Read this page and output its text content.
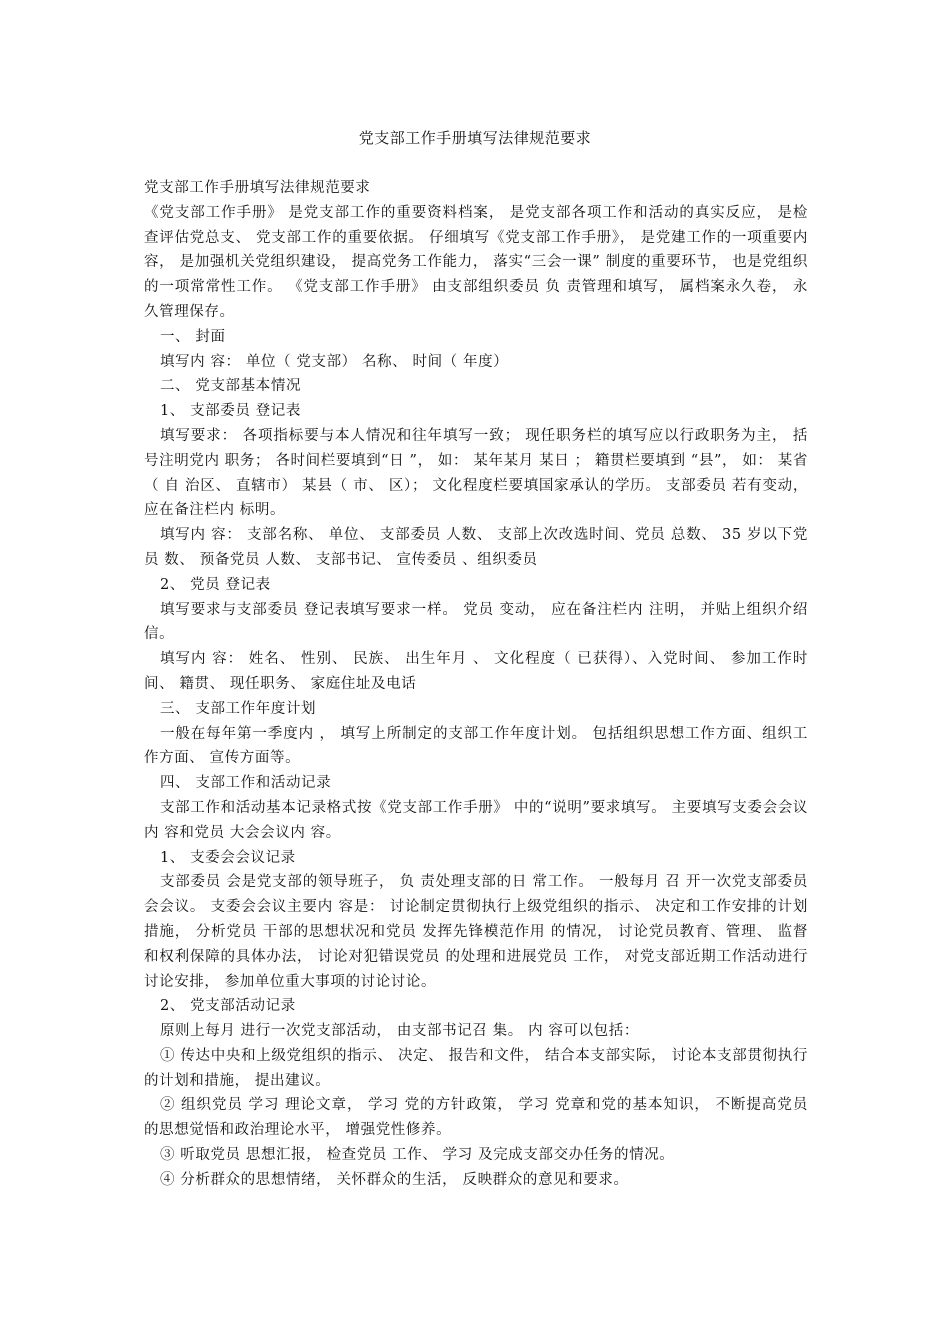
党支部工作手册填写法律规范要求

党支部工作手册填写法律规范要求

《党支部工作手册》 是党支部工作的重要资料档案， 是党支部各项工作和活动的真实反应， 是检查评估党总支、 党支部工作的重要依据。 仔细填写《党支部工作手册》， 是党建工作的一项重要内 容， 是加强机关党组织建设， 提高党务工作能力， 落实“三会一课” 制度的重要环节， 也是党组织的一项常常性工作。 《党支部工作手册》 由支部组织委员 负 责管理和填写， 属档案永久卷， 永久管理保存。

一、 封面

填写内 容： 单位（ 党支部） 名称、 时间（ 年度）

二、 党支部基本情况

1、 支部委员 登记表

填写要求： 各项指标要与本人情况和往年填写一致； 现任职务栏的填写应以行政职务为主， 括号注明党内 职务； 各时间栏要填到“日 ”， 如： 某年某月 某日 ； 籍贯栏要填到 “县”， 如： 某省（ 自 治区、 直辖市） 某县（ 市、 区）； 文化程度栏要填国家承认的学历。 支部委员 若有变动， 应在备注栏内 标明。

填写内 容： 支部名称、 单位、 支部委员 人数、 支部上次改选时间、党员 总数、 35 岁以下党员 数、 预备党员 人数、 支部书记、 宣传委员 、组织委员

2、 党员 登记表

填写要求与支部委员 登记表填写要求一样。 党员 变动， 应在备注栏内 注明， 并贴上组织介绍信。

填写内 容： 姓名、 性别、 民族、 出生年月 、 文化程度（ 已获得）、入党时间、 参加工作时间、 籍贯、 现任职务、 家庭住址及电话

三、 支部工作年度计划

一般在每年第一季度内 ， 填写上所制定的支部工作年度计划。 包括组织思想工作方面、组织工作方面、 宣传方面等。

四、 支部工作和活动记录

支部工作和活动基本记录格式按《党支部工作手册》 中的“说明”要求填写。 主要填写支委会会议内 容和党员 大会会议内 容。

1、 支委会会议记录

支部委员 会是党支部的领导班子， 负 责处理支部的日 常工作。 一般每月 召 开一次党支部委员 会会议。 支委会会议主要内 容是： 讨论制定贯彻执行上级党组织的指示、 决定和工作安排的计划措施， 分析党员 干部的思想状况和党员 发挥先锋模范作用 的情况， 讨论党员教育、管理、 监督和权利保障的具体办法， 讨论对犯错误党员 的处理和进展党员 工作， 对党支部近期工作活动进行讨论安排， 参加单位重大事项的讨论讨论。

2、 党支部活动记录

原则上每月 进行一次党支部活动， 由支部书记召 集。 内 容可以包括：

① 传达中央和上级党组织的指示、 决定、 报告和文件， 结合本支部实际， 讨论本支部贯彻执行的计划和措施， 提出建议。

② 组织党员 学习 理论文章， 学习 党的方针政策， 学习 党章和党的基本知识， 不断提高党员 的思想觉悟和政治理论水平， 增强党性修养。

③ 听取党员 思想汇报， 检查党员 工作、 学习 及完成支部交办任务的情况。

④ 分析群众的思想情绪， 关怀群众的生活， 反映群众的意见和要求。
